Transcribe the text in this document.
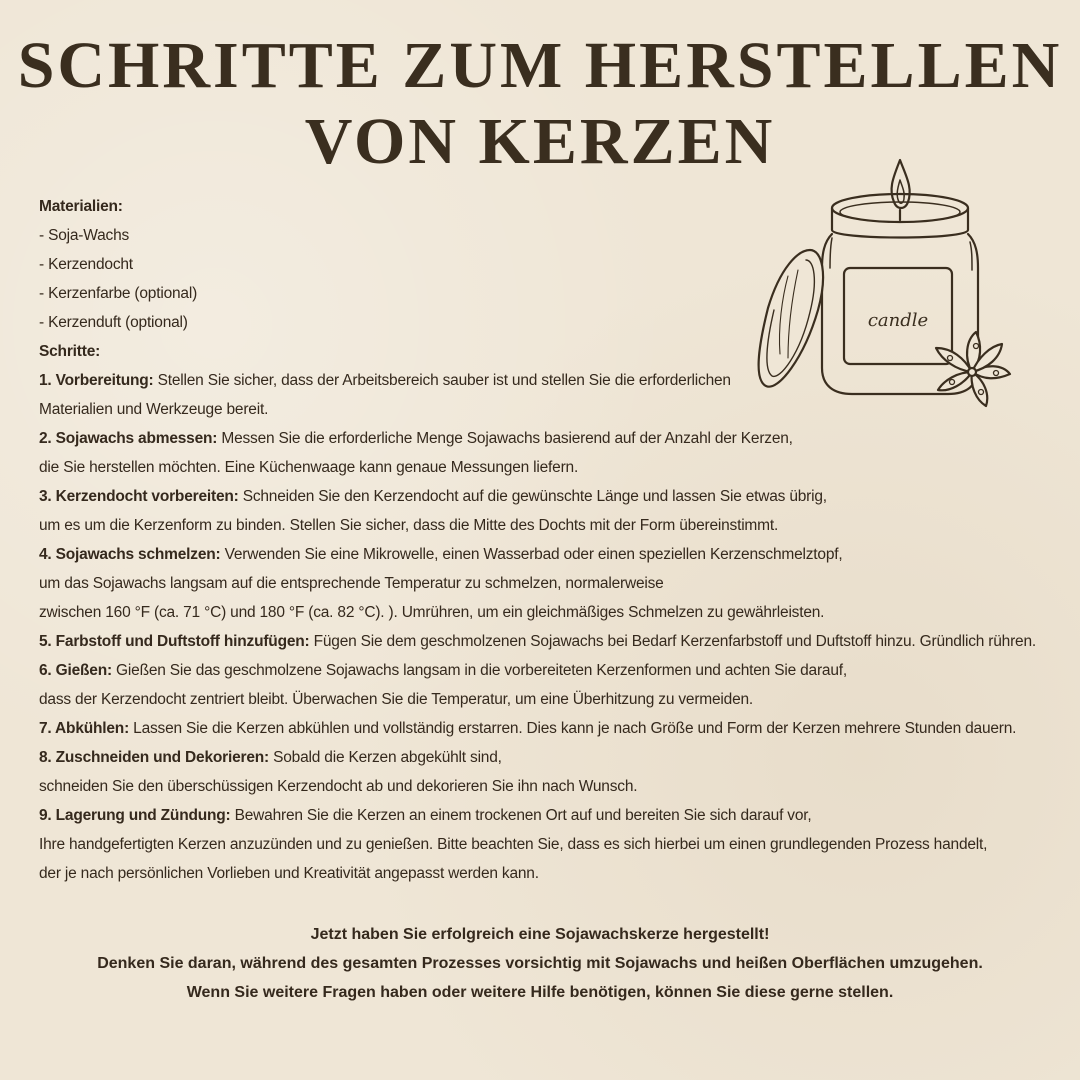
SCHRITTE ZUM HERSTELLEN
VON KERZEN
candle
Materialien:
- Soja-Wachs
- Kerzendocht
- Kerzenfarbe (optional)
- Kerzenduft (optional)
Schritte:
1. Vorbereitung: Stellen Sie sicher, dass der Arbeitsbereich sauber ist und stellen Sie die erforderlichen
Materialien und Werkzeuge bereit.
2. Sojawachs abmessen: Messen Sie die erforderliche Menge Sojawachs basierend auf der Anzahl der Kerzen,
die Sie herstellen möchten. Eine Küchenwaage kann genaue Messungen liefern.
3. Kerzendocht vorbereiten: Schneiden Sie den Kerzendocht auf die gewünschte Länge und lassen Sie etwas übrig,
um es um die Kerzenform zu binden. Stellen Sie sicher, dass die Mitte des Dochts mit der Form übereinstimmt.
4. Sojawachs schmelzen: Verwenden Sie eine Mikrowelle, einen Wasserbad oder einen speziellen Kerzenschmelztopf,
um das Sojawachs langsam auf die entsprechende Temperatur zu schmelzen, normalerweise
zwischen 160 °F (ca. 71 °C) und 180 °F (ca. 82 °C). ). Umrühren, um ein gleichmäßiges Schmelzen zu gewährleisten.
5. Farbstoff und Duftstoff hinzufügen: Fügen Sie dem geschmolzenen Sojawachs bei Bedarf Kerzenfarbstoff und Duftstoff hinzu. Gründlich rühren.
6. Gießen: Gießen Sie das geschmolzene Sojawachs langsam in die vorbereiteten Kerzenformen und achten Sie darauf,
dass der Kerzendocht zentriert bleibt. Überwachen Sie die Temperatur, um eine Überhitzung zu vermeiden.
7. Abkühlen: Lassen Sie die Kerzen abkühlen und vollständig erstarren. Dies kann je nach Größe und Form der Kerzen mehrere Stunden dauern.
8. Zuschneiden und Dekorieren: Sobald die Kerzen abgekühlt sind,
schneiden Sie den überschüssigen Kerzendocht ab und dekorieren Sie ihn nach Wunsch.
9. Lagerung und Zündung: Bewahren Sie die Kerzen an einem trockenen Ort auf und bereiten Sie sich darauf vor,
Ihre handgefertigten Kerzen anzuzünden und zu genießen. Bitte beachten Sie, dass es sich hierbei um einen grundlegenden Prozess handelt,
der je nach persönlichen Vorlieben und Kreativität angepasst werden kann.
Jetzt haben Sie erfolgreich eine Sojawachskerze hergestellt!
Denken Sie daran, während des gesamten Prozesses vorsichtig mit Sojawachs und heißen Oberflächen umzugehen.
Wenn Sie weitere Fragen haben oder weitere Hilfe benötigen, können Sie diese gerne stellen.
